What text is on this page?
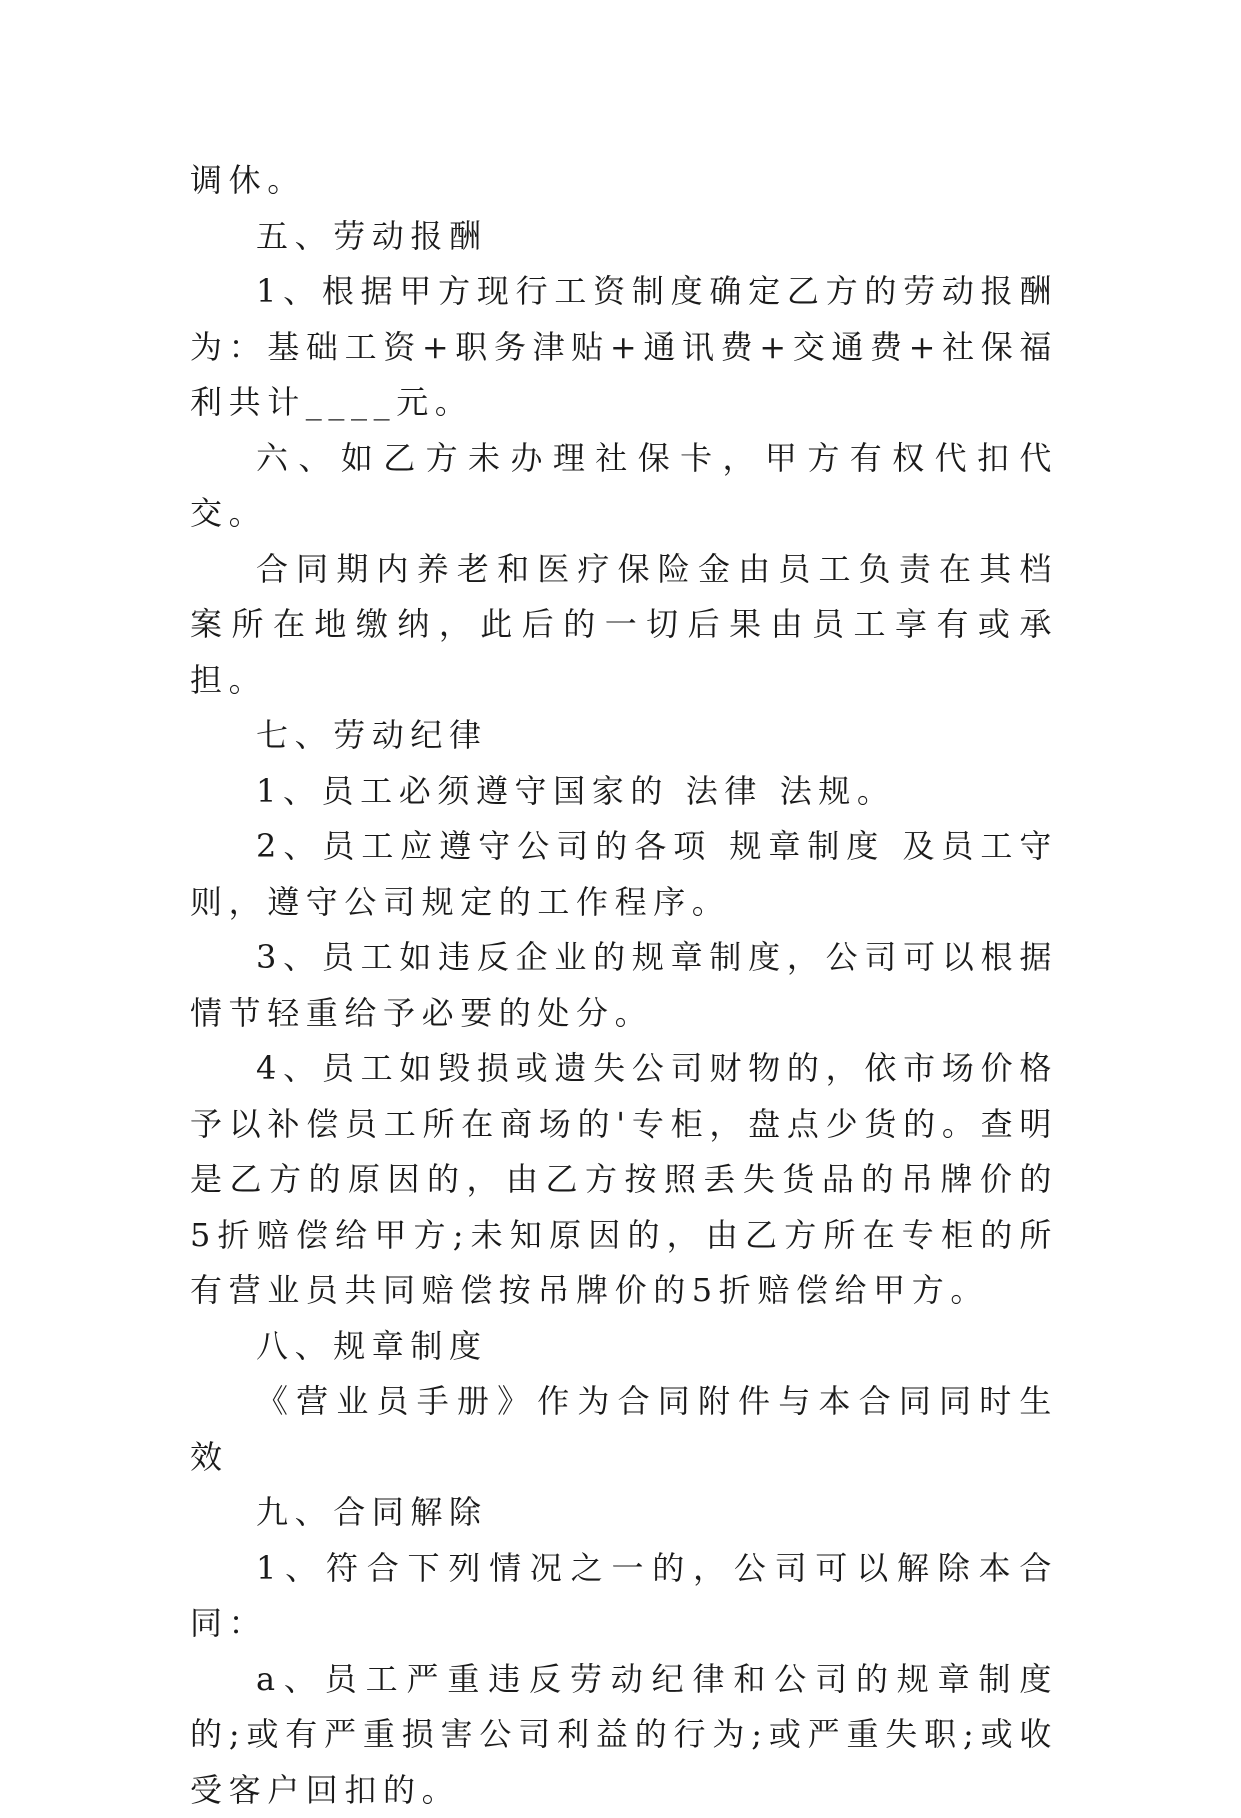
调休。

五、劳动报酬

1、根据甲方现行工资制度确定乙方的劳动报酬为：基础工资+职务津贴+通讯费+交通费+社保福利共计____元。

六、如乙方未办理社保卡，甲方有权代扣代交。

合同期内养老和医疗保险金由员工负责在其档案所在地缴纳，此后的一切后果由员工享有或承担。

七、劳动纪律

1、员工必须遵守国家的 法律 法规。

2、员工应遵守公司的各项 规章制度 及员工守则，遵守公司规定的工作程序。

3、员工如违反企业的规章制度，公司可以根据情节轻重给予必要的处分。

4、员工如毁损或遗失公司财物的，依市场价格予以补偿员工所在商场的'专柜，盘点少货的。查明是乙方的原因的，由乙方按照丢失货品的吊牌价的5折赔偿给甲方;未知原因的，由乙方所在专柜的所有营业员共同赔偿按吊牌价的5折赔偿给甲方。

八、规章制度

《营业员手册》作为合同附件与本合同同时生效

九、合同解除

1、符合下列情况之一的，公司可以解除本合同：

a、员工严重违反劳动纪律和公司的规章制度的;或有严重损害公司利益的行为;或严重失职;或收受客户回扣的。
